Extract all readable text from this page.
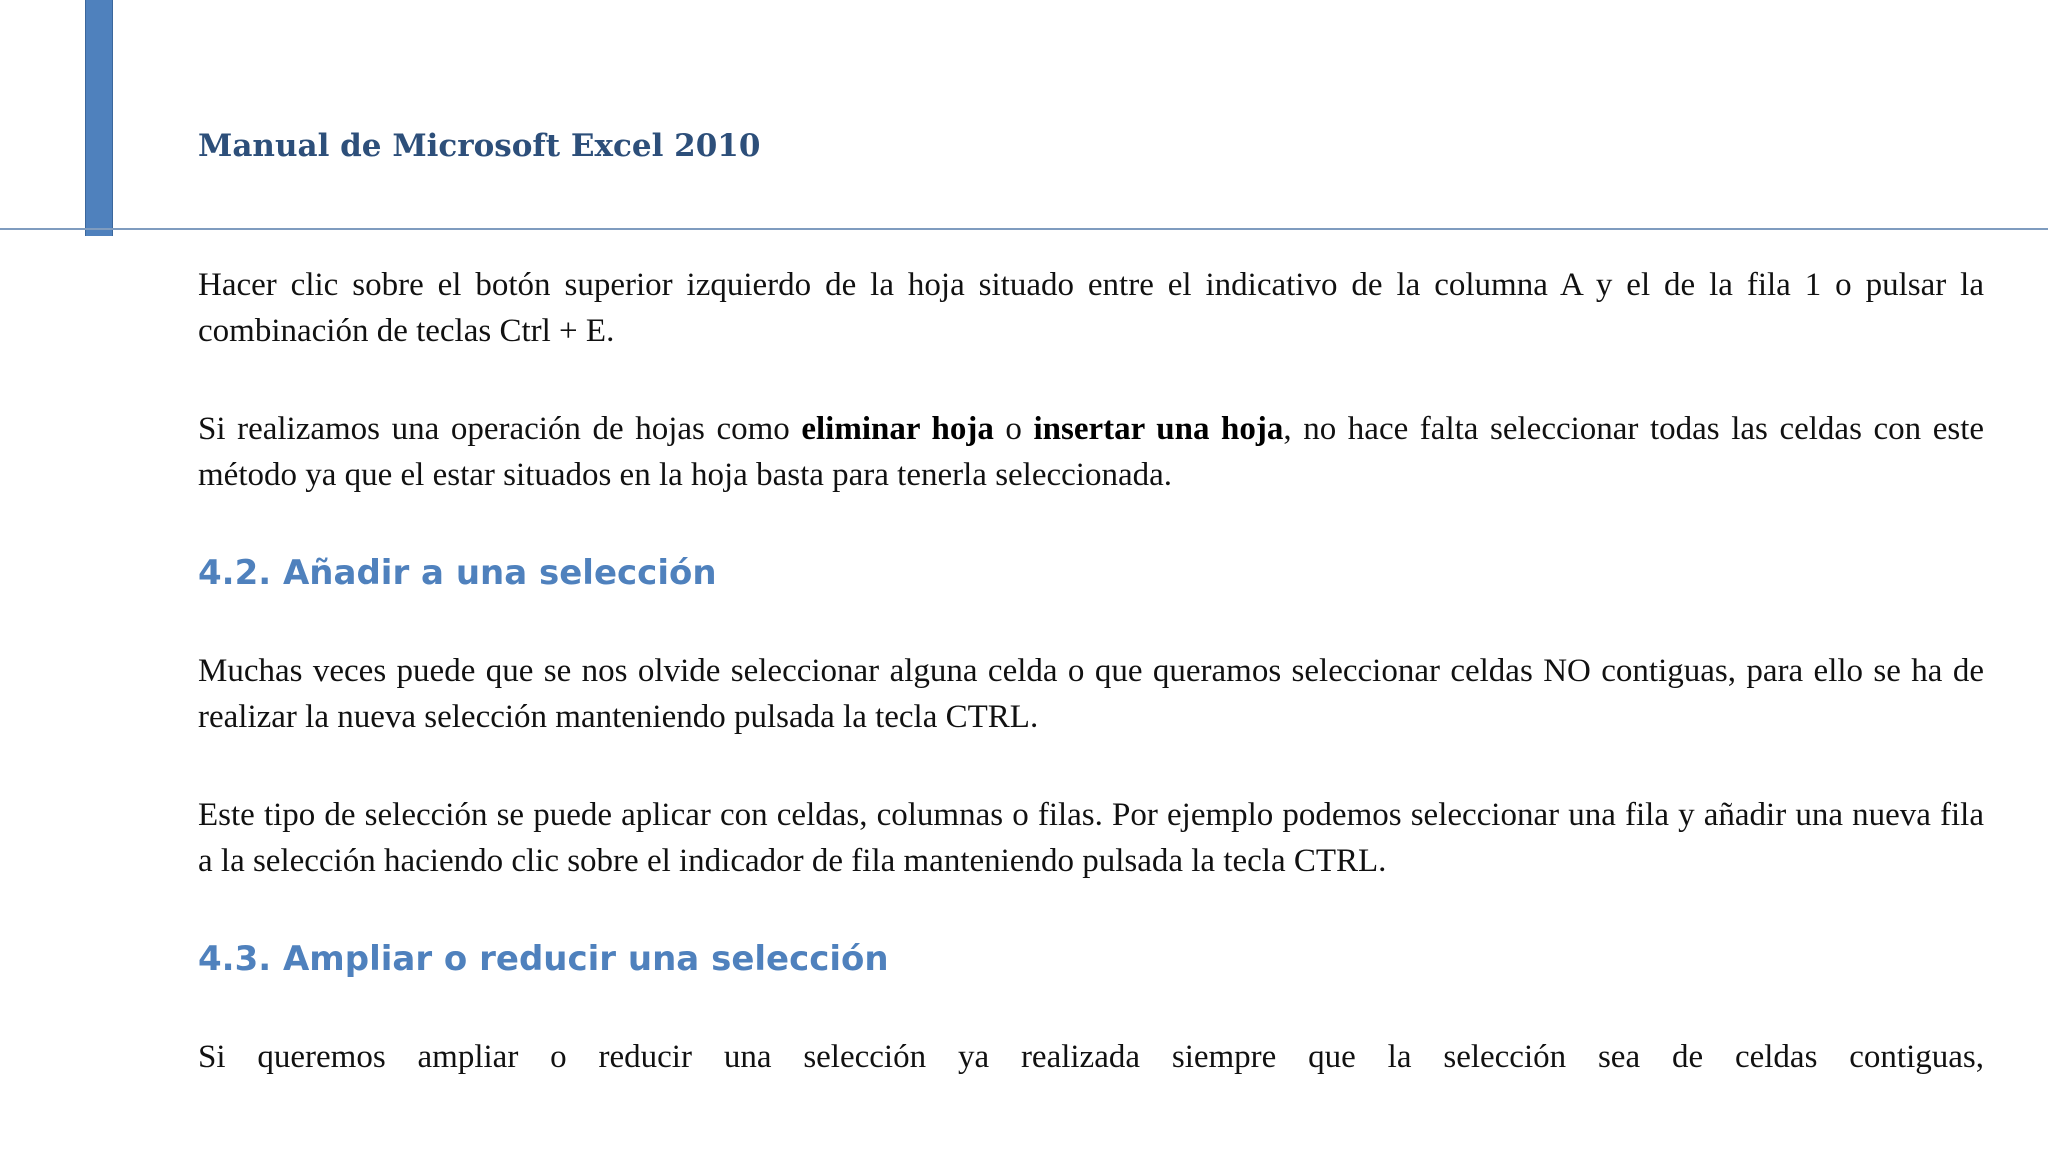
Manual de Microsoft Excel 2010

Hacer clic sobre el botón superior izquierdo de la hoja situado entre el indicativo de la columna A y el de la fila 1 o pulsar la combinación de teclas Ctrl + E.

Si realizamos una operación de hojas como eliminar hoja o insertar una hoja, no hace falta seleccionar todas las celdas con este método ya que el estar situados en la hoja basta para tenerla seleccionada.

4.2. Añadir a una selección

Muchas veces puede que se nos olvide seleccionar alguna celda o que queramos seleccionar celdas NO contiguas, para ello se ha de realizar la nueva selección manteniendo pulsada la tecla CTRL.

Este tipo de selección se puede aplicar con celdas, columnas o filas. Por ejemplo podemos seleccionar una fila y añadir una nueva fila a la selección haciendo clic sobre el indicador de fila manteniendo pulsada la tecla CTRL.

4.3. Ampliar o reducir una selección

Si queremos ampliar o reducir una selección ya realizada siempre que la selección sea de celdas contiguas,
